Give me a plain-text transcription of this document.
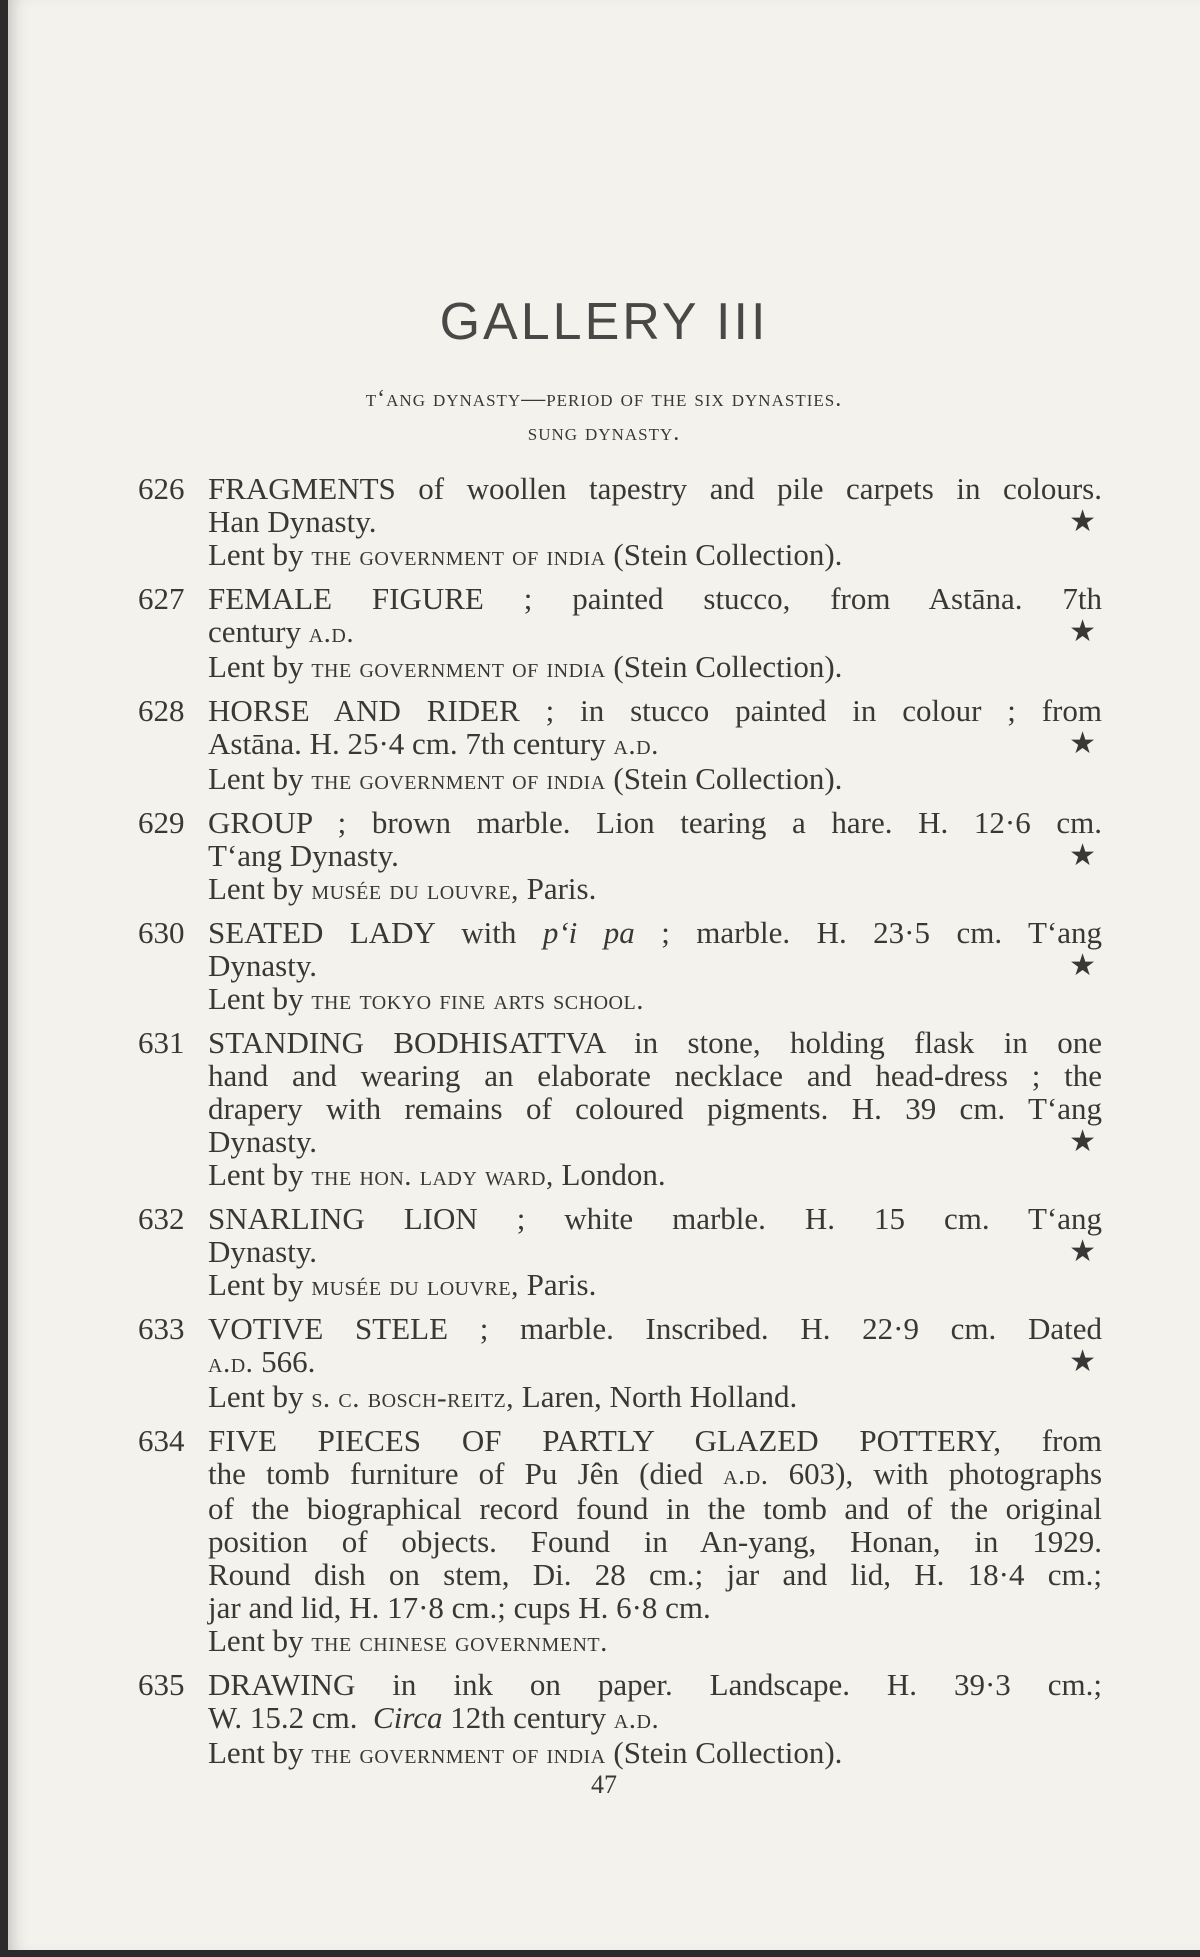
GALLERY III
t‘ang dynasty—period of the six dynasties.
sung dynasty.
626 FRAGMENTS of woollen tapestry and pile carpets in colours.
Han Dynasty.	★
Lent by the government of india (Stein Collection).
627 FEMALE FIGURE ; painted stucco, from Astāna. 7th
century a.d.	★
Lent by the government of india (Stein Collection).
628 HORSE AND RIDER ; in stucco painted in colour ; from
Astāna. H. 25·4 cm. 7th century a.d.	★
Lent by the government of india (Stein Collection).
629 GROUP ; brown marble. Lion tearing a hare. H. 12·6 cm.
T‘ang Dynasty.	★
Lent by musée du louvre, Paris.
630 SEATED LADY with p‘i pa ; marble. H. 23·5 cm. T‘ang
Dynasty.	★
Lent by the tokyo fine arts school.
631 STANDING BODHISATTVA in stone, holding flask in one
hand and wearing an elaborate necklace and head-dress ; the
drapery with remains of coloured pigments. H. 39 cm. T‘ang
Dynasty.	★
Lent by the hon. lady ward, London.
632 SNARLING LION ; white marble. H. 15 cm. T‘ang
Dynasty.	★
Lent by musée du louvre, Paris.
633 VOTIVE STELE ; marble. Inscribed. H. 22·9 cm. Dated
a.d. 566.	★
Lent by s. c. bosch-reitz, Laren, North Holland.
634 FIVE PIECES OF PARTLY GLAZED POTTERY, from
the tomb furniture of Pu Jên (died a.d. 603), with photographs
of the biographical record found in the tomb and of the original
position of objects. Found in An-yang, Honan, in 1929.
Round dish on stem, Di. 28 cm.; jar and lid, H. 18·4 cm.;
jar and lid, H. 17·8 cm.; cups H. 6·8 cm.
Lent by the chinese government.
635 DRAWING in ink on paper. Landscape. H. 39·3 cm.;
W. 15.2 cm. Circa 12th century a.d.
Lent by the government of india (Stein Collection).
47
